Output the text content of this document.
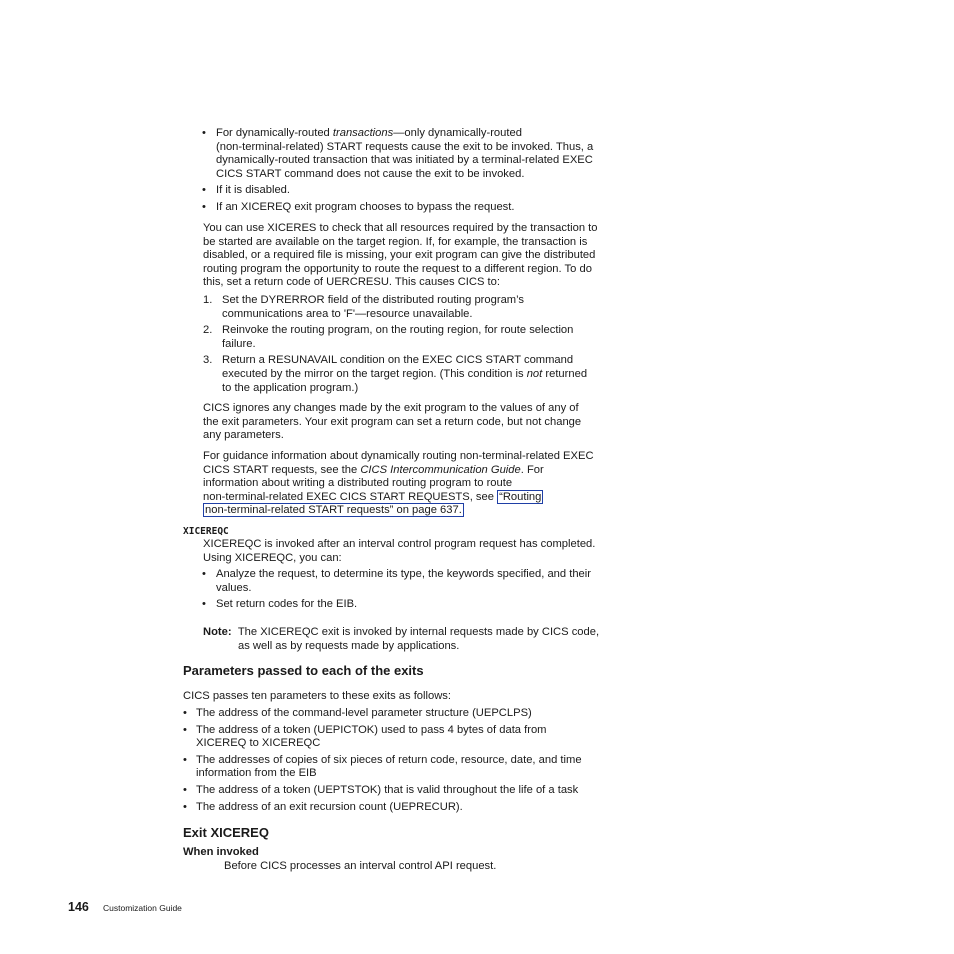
• For dynamically-routed transactions—only dynamically-routed
(non-terminal-related) START requests cause the exit to be invoked. Thus, a
dynamically-routed transaction that was initiated by a terminal-related EXEC
CICS START command does not cause the exit to be invoked.
• If it is disabled.
• If an XICEREQ exit program chooses to bypass the request.
You can use XICERES to check that all resources required by the transaction to
be started are available on the target region. If, for example, the transaction is
disabled, or a required file is missing, your exit program can give the distributed
routing program the opportunity to route the request to a different region. To do
this, set a return code of UERCRESU. This causes CICS to:
1. Set the DYRERROR field of the distributed routing program’s
communications area to 'F'—resource unavailable.
2. Reinvoke the routing program, on the routing region, for route selection
failure.
3. Return a RESUNAVAIL condition on the EXEC CICS START command
executed by the mirror on the target region. (This condition is not returned
to the application program.)
CICS ignores any changes made by the exit program to the values of any of
the exit parameters. Your exit program can set a return code, but not change
any parameters.
For guidance information about dynamically routing non-terminal-related EXEC
CICS START requests, see the CICS Intercommunication Guide. For
information about writing a distributed routing program to route
non-terminal-related EXEC CICS START REQUESTS, see “Routing
non-terminal-related START requests” on page 637.
XICEREQC
XICEREQC is invoked after an interval control program request has completed.
Using XICEREQC, you can:
• Analyze the request, to determine its type, the keywords specified, and their
values.
• Set return codes for the EIB.
Note: The XICEREQC exit is invoked by internal requests made by CICS code,
as well as by requests made by applications.
Parameters passed to each of the exits
CICS passes ten parameters to these exits as follows:
• The address of the command-level parameter structure (UEPCLPS)
• The address of a token (UEPICTOK) used to pass 4 bytes of data from
XICEREQ to XICEREQC
• The addresses of copies of six pieces of return code, resource, date, and time
information from the EIB
• The address of a token (UEPTSTOK) that is valid throughout the life of a task
• The address of an exit recursion count (UEPRECUR).
Exit XICEREQ
When invoked
Before CICS processes an interval control API request.
146 Customization Guide
